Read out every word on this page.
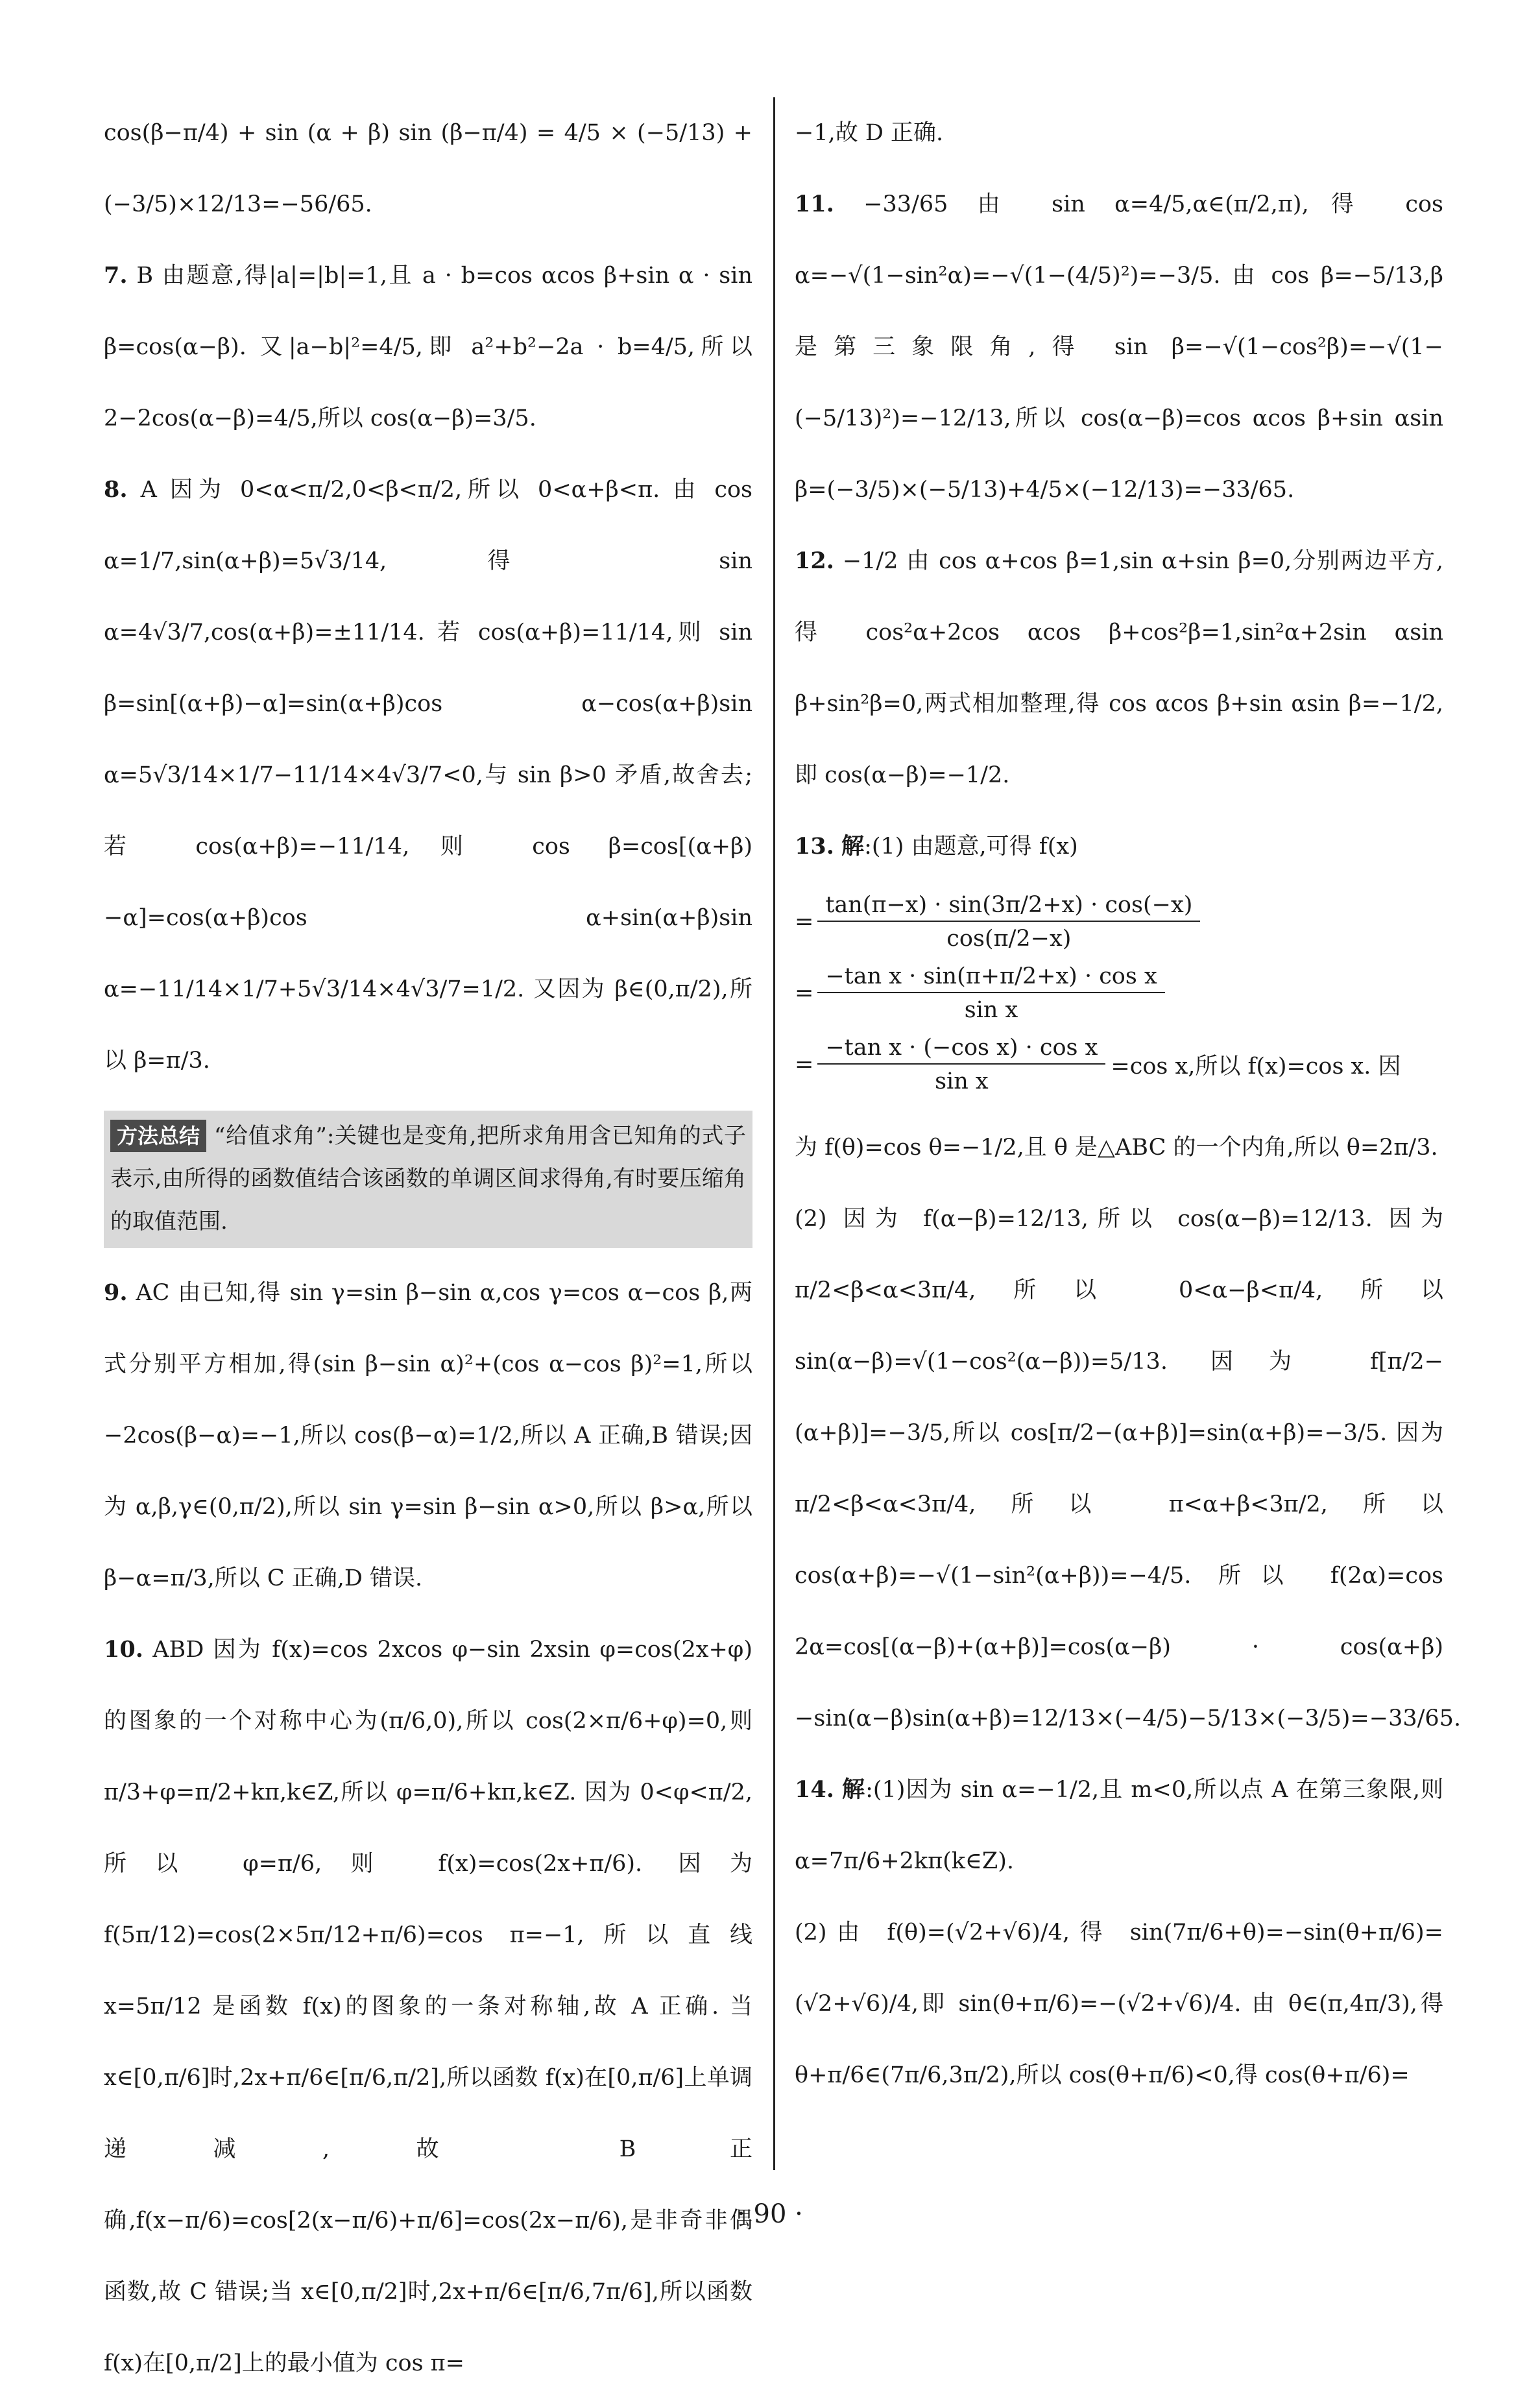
cos(β−π/4) + sin (α + β) sin (β−π/4) = 4/5 × (−5/13) + (−3/5)×12/13=−56/65.

7. B 由题意,得|a|=|b|=1,且 a · b=cos αcos β+sin α · sin β=cos(α−β). 又|a−b|²=4/5,即 a²+b²−2a · b=4/5,所以 2−2cos(α−β)=4/5,所以 cos(α−β)=3/5.

8. A 因为 0<α<π/2,0<β<π/2,所以 0<α+β<π. 由 cos α=1/7,sin(α+β)=5√3/14,得 sin α=4√3/7,cos(α+β)=±11/14. 若 cos(α+β)=11/14,则 sin β=sin[(α+β)−α]=sin(α+β)cos α−cos(α+β)sin α=5√3/14×1/7−11/14×4√3/7<0,与 sin β>0 矛盾,故舍去;若 cos(α+β)=−11/14,则 cos β=cos[(α+β)−α]=cos(α+β)cos α+sin(α+β)sin α=−11/14×1/7+5√3/14×4√3/7=1/2. 又因为 β∈(0,π/2),所以 β=π/3.

方法总结 “给值求角”:关键也是变角,把所求角用含已知角的式子表示,由所得的函数值结合该函数的单调区间求得角,有时要压缩角的取值范围.

9. AC 由已知,得 sin γ=sin β−sin α,cos γ=cos α−cos β,两式分别平方相加,得(sin β−sin α)²+(cos α−cos β)²=1,所以−2cos(β−α)=−1,所以 cos(β−α)=1/2,所以 A 正确,B 错误;因为 α,β,γ∈(0,π/2),所以 sin γ=sin β−sin α>0,所以 β>α,所以 β−α=π/3,所以 C 正确,D 错误.

10. ABD 因为 f(x)=cos 2xcos φ−sin 2xsin φ=cos(2x+φ)的图象的一个对称中心为(π/6,0),所以 cos(2×π/6+φ)=0,则 π/3+φ=π/2+kπ,k∈Z,所以 φ=π/6+kπ,k∈Z. 因为 0<φ<π/2,所以 φ=π/6,则 f(x)=cos(2x+π/6). 因为 f(5π/12)=cos(2×5π/12+π/6)=cos π=−1,所以直线 x=5π/12 是函数 f(x)的图象的一条对称轴,故 A 正确. 当 x∈[0,π/6]时,2x+π/6∈[π/6,π/2],所以函数 f(x)在[0,π/6]上单调递减,故 B 正确,f(x−π/6)=cos[2(x−π/6)+π/6]=cos(2x−π/6),是非奇非偶函数,故 C 错误;当 x∈[0,π/2]时,2x+π/6∈[π/6,7π/6],所以函数 f(x)在[0,π/2]上的最小值为 cos π=

−1,故 D 正确.

11. −33/65 由 sin α=4/5,α∈(π/2,π),得 cos α=−√(1−sin²α)=−√(1−(4/5)²)=−3/5. 由 cos β=−5/13,β 是第三象限角,得 sin β=−√(1−cos²β)=−√(1−(−5/13)²)=−12/13,所以 cos(α−β)=cos αcos β+sin αsin β=(−3/5)×(−5/13)+4/5×(−12/13)=−33/65.

12. −1/2 由 cos α+cos β=1,sin α+sin β=0,分别两边平方,得 cos²α+2cos αcos β+cos²β=1,sin²α+2sin αsin β+sin²β=0,两式相加整理,得 cos αcos β+sin αsin β=−1/2,即 cos(α−β)=−1/2.

13. 解:(1) 由题意,可得 f(x)

= $\frac{\tan(\pi-x) \cdot \sin(3\pi/2+x) \cdot \cos(-x)}{\cos(\pi/2-x)}$
= $\frac{\text{−tan x · sin(π+π/2+x) · cos x}}{\text{sin x}}$
= $\frac{\text{−tan x · (−cos x) · cos x}}{\text{sin x}} =\cos$ x,所以 f(x)=cos x. 因

为 f(θ)=cos θ=−1/2,且 θ 是△ABC 的一个内角,所以 θ=2π/3.

(2) 因为 f(α−β)=12/13,所以 cos(α−β)=12/13. 因为 π/2<β<α<3π/4,所以 0<α−β<π/4,所以 sin(α−β)=√(1−cos²(α−β))=5/13. 因为 f[π/2−(α+β)]=−3/5,所以 cos[π/2−(α+β)]=sin(α+β)=−3/5. 因为 π/2<β<α<3π/4,所以 π<α+β<3π/2,所以 cos(α+β)=−√(1−sin²(α+β))=−4/5. 所以 f(2α)=cos 2α=cos[(α−β)+(α+β)]=cos(α−β) · cos(α+β)−sin(α−β)sin(α+β)=12/13×(−4/5)−5/13×(−3/5)=−33/65.

14. 解:(1)因为 sin α=−1/2,且 m<0,所以点 A 在第三象限,则 α=7π/6+2kπ(k∈Z).

(2)由 f(θ)=(√2+√6)/4,得 sin(7π/6+θ)=−sin(θ+π/6)=(√2+√6)/4,即 sin(θ+π/6)=−(√2+√6)/4. 由 θ∈(π,4π/3),得 θ+π/6∈(7π/6,3π/2),所以 cos(θ+π/6)<0,得 cos(θ+π/6)=

· 90 ·
